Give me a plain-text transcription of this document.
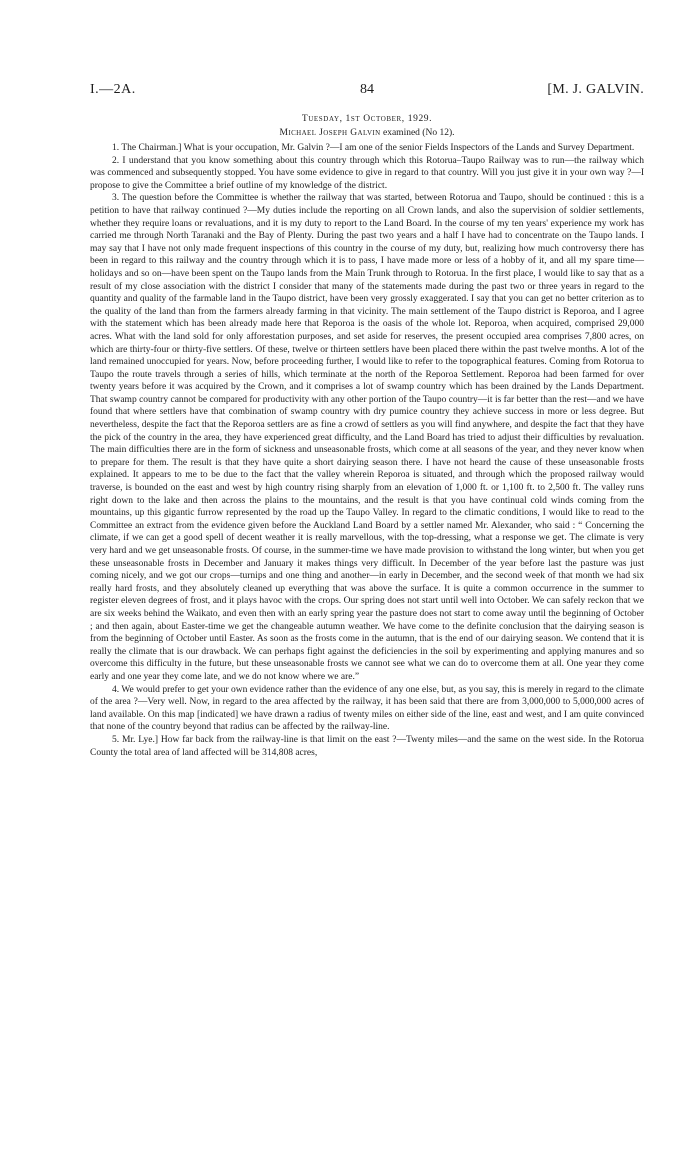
I.—2A.	84	[M. J. GALVIN.
Tuesday, 1st October, 1929.
Michael Joseph Galvin examined (No 12).

1. The Chairman.] What is your occupation, Mr. Galvin ?—I am one of the senior Fields Inspectors of the Lands and Survey Department.

2. I understand that you know something about this country through which this Rotorua–Taupo Railway was to run—the railway which was commenced and subsequently stopped. You have some evidence to give in regard to that country. Will you just give it in your own way ?—I propose to give the Committee a brief outline of my knowledge of the district.

3. The question before the Committee is whether the railway that was started, between Rotorua and Taupo, should be continued : this is a petition to have that railway continued ?—My duties include the reporting on all Crown lands, and also the supervision of soldier settlements, whether they require loans or revaluations, and it is my duty to report to the Land Board. In the course of my ten years' experience my work has carried me through North Taranaki and the Bay of Plenty. During the past two years and a half I have had to concentrate on the Taupo lands. I may say that I have not only made frequent inspections of this country in the course of my duty, but, realizing how much controversy there has been in regard to this railway and the country through which it is to pass, I have made more or less of a hobby of it, and all my spare time—holidays and so on—have been spent on the Taupo lands from the Main Trunk through to Rotorua. In the first place, I would like to say that as a result of my close association with the district I consider that many of the statements made during the past two or three years in regard to the quantity and quality of the farmable land in the Taupo district, have been very grossly exaggerated. I say that you can get no better criterion as to the quality of the land than from the farmers already farming in that vicinity. The main settlement of the Taupo district is Reporoa, and I agree with the statement which has been already made here that Reporoa is the oasis of the whole lot. Reporoa, when acquired, comprised 29,000 acres. What with the land sold for only afforestation purposes, and set aside for reserves, the present occupied area comprises 7,800 acres, on which are thirty-four or thirty-five settlers. Of these, twelve or thirteen settlers have been placed there within the past twelve months. A lot of the land remained unoccupied for years. Now, before proceeding further, I would like to refer to the topographical features. Coming from Rotorua to Taupo the route travels through a series of hills, which terminate at the north of the Reporoa Settlement. Reporoa had been farmed for over twenty years before it was acquired by the Crown, and it comprises a lot of swamp country which has been drained by the Lands Department. That swamp country cannot be compared for productivity with any other portion of the Taupo country—it is far better than the rest—and we have found that where settlers have that combination of swamp country with dry pumice country they achieve success in more or less degree. But nevertheless, despite the fact that the Reporoa settlers are as fine a crowd of settlers as you will find anywhere, and despite the fact that they have the pick of the country in the area, they have experienced great difficulty, and the Land Board has tried to adjust their difficulties by revaluation. The main difficulties there are in the form of sickness and unseasonable frosts, which come at all seasons of the year, and they never know when to prepare for them. The result is that they have quite a short dairying season there. I have not heard the cause of these unseasonable frosts explained. It appears to me to be due to the fact that the valley wherein Reporoa is situated, and through which the proposed railway would traverse, is bounded on the east and west by high country rising sharply from an elevation of 1,000 ft. or 1,100 ft. to 2,500 ft. The valley runs right down to the lake and then across the plains to the mountains, and the result is that you have continual cold winds coming from the mountains, up this gigantic furrow represented by the road up the Taupo Valley. In regard to the climatic conditions, I would like to read to the Committee an extract from the evidence given before the Auckland Land Board by a settler named Mr. Alexander, who said : “ Concerning the climate, if we can get a good spell of decent weather it is really marvellous, with the top-dressing, what a response we get. The climate is very very hard and we get unseasonable frosts. Of course, in the summer-time we have made provision to withstand the long winter, but when you get these unseasonable frosts in December and January it makes things very difficult. In December of the year before last the pasture was just coming nicely, and we got our crops—turnips and one thing and another—in early in December, and the second week of that month we had six really hard frosts, and they absolutely cleaned up everything that was above the surface. It is quite a common occurrence in the summer to register eleven degrees of frost, and it plays havoc with the crops. Our spring does not start until well into October. We can safely reckon that we are six weeks behind the Waikato, and even then with an early spring year the pasture does not start to come away until the beginning of October ; and then again, about Easter-time we get the changeable autumn weather. We have come to the definite conclusion that the dairying season is from the beginning of October until Easter. As soon as the frosts come in the autumn, that is the end of our dairying season. We contend that it is really the climate that is our drawback. We can perhaps fight against the deficiencies in the soil by experimenting and applying manures and so overcome this difficulty in the future, but these unseasonable frosts we cannot see what we can do to overcome them at all. One year they come early and one year they come late, and we do not know where we are.”

4. We would prefer to get your own evidence rather than the evidence of any one else, but, as you say, this is merely in regard to the climate of the area ?—Very well. Now, in regard to the area affected by the railway, it has been said that there are from 3,000,000 to 5,000,000 acres of land available. On this map [indicated] we have drawn a radius of twenty miles on either side of the line, east and west, and I am quite convinced that none of the country beyond that radius can be affected by the railway-line.

5. Mr. Lye.] How far back from the railway-line is that limit on the east ?—Twenty miles—and the same on the west side. In the Rotorua County the total area of land affected will be 314,808 acres,
